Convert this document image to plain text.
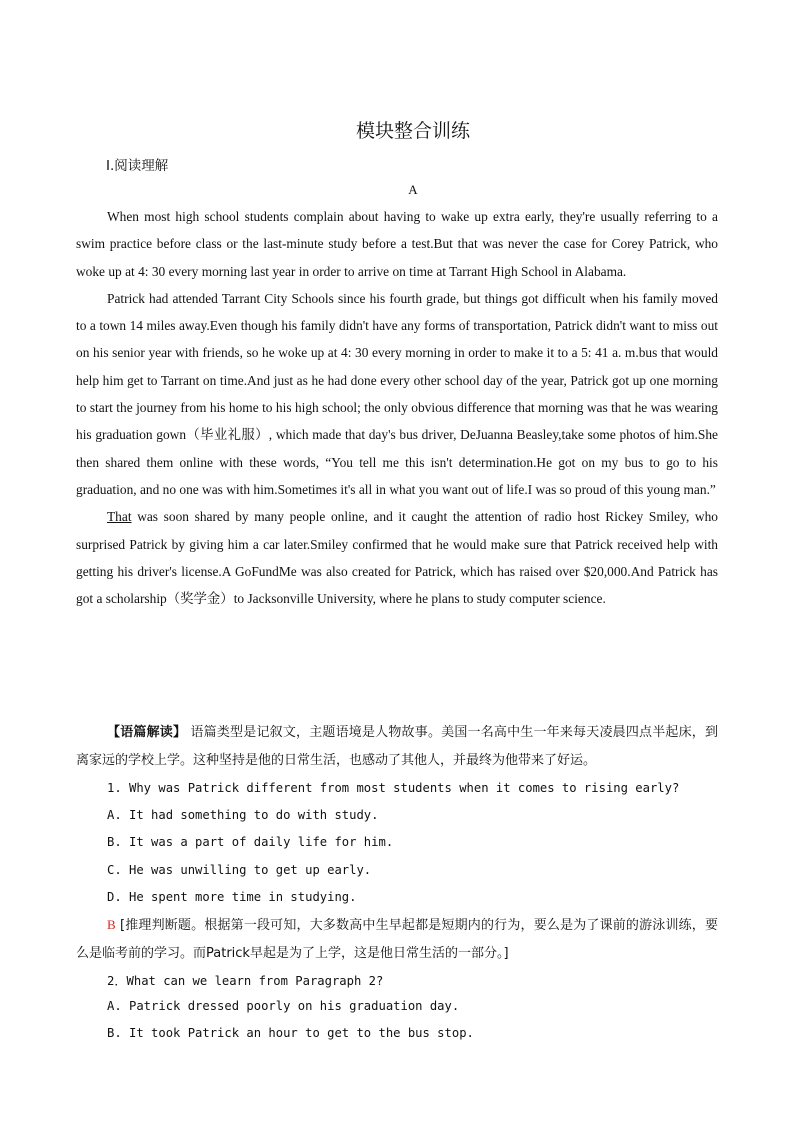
模块整合训练
Ⅰ.阅读理解
A

When most high school students complain about having to wake up extra early, they're usually referring to a swim practice before class or the last-minute study before a test.But that was never the case for Corey Patrick, who woke up at 4: 30 every morning last year in order to arrive on time at Tarrant High School in Alabama.

Patrick had attended Tarrant City Schools since his fourth grade, but things got difficult when his family moved to a town 14 miles away.Even though his family didn't have any forms of transportation, Patrick didn't want to miss out on his senior year with friends, so he woke up at 4: 30 every morning in order to make it to a 5: 41 a. m.bus that would help him get to Tarrant on time.And just as he had done every other school day of the year, Patrick got up one morning to start the journey from his home to his high school; the only obvious difference that morning was that he was wearing his graduation gown（毕业礼服）, which made that day's bus driver, DeJuanna Beasley,take some photos of him.She then shared them online with these words, “You tell me this isn't determination.He got on my bus to go to his graduation, and no one was with him.Sometimes it's all in what you want out of life.I was so proud of this young man.”

That was soon shared by many people online, and it caught the attention of radio host Rickey Smiley, who surprised Patrick by giving him a car later.Smiley confirmed that he would make sure that Patrick received help with getting his driver's license.A GoFundMe was also created for Patrick, which has raised over $20,000.And Patrick has got a scholarship（奖学金）to Jacksonville University, where he plans to study computer science.

【语篇解读】 语篇类型是记叙文，主题语境是人物故事。美国一名高中生一年来每天凌晨四点半起床，到离家远的学校上学。这种坚持是他的日常生活，也感动了其他人，并最终为他带来了好运。

1. Why was Patrick different from most students when it comes to rising early?
A. It had something to do with study.
B. It was a part of daily life for him.
C. He was unwilling to get up early.
D. He spent more time in studying.

B [推理判断题。根据第一段可知，大多数高中生早起都是短期内的行为，要么是为了课前的游泳训练，要么是临考前的学习。而Patrick早起是为了上学，这是他日常生活的一部分。]

2．What can we learn from Paragraph 2?
A. Patrick dressed poorly on his graduation day.
B. It took Patrick an hour to get to the bus stop.
